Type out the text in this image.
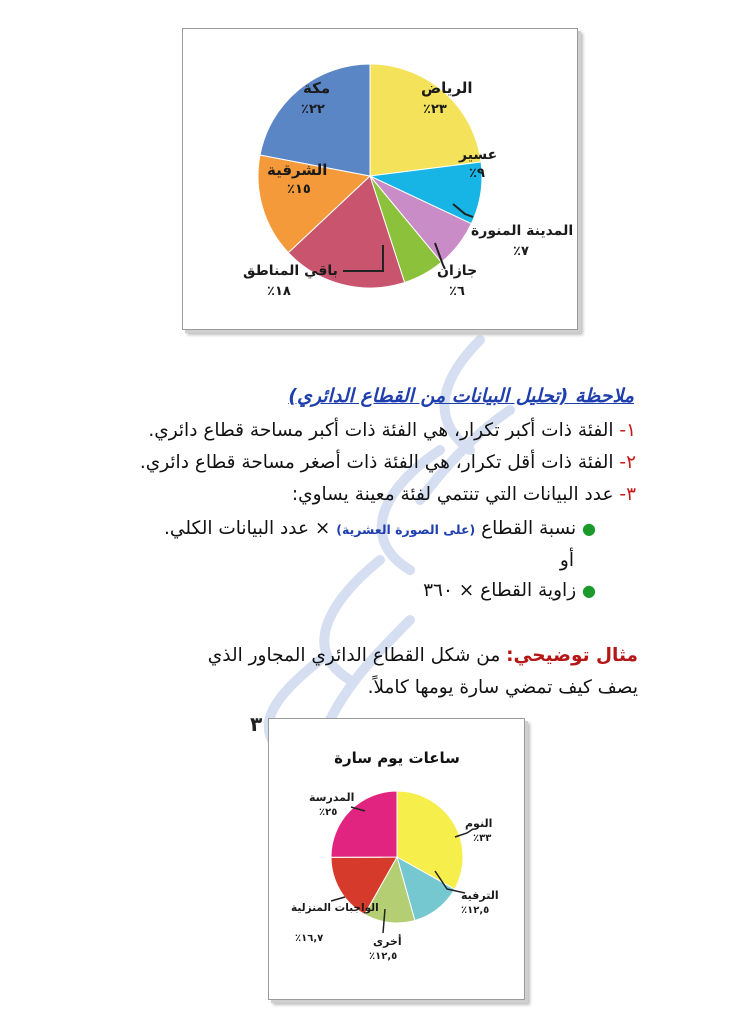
الرياض
٪٢٣
عسير
٪٩
المدينة المنورة
٪٧
جازان
٪٦
باقي المناطق
٪١٨
الشرقية
٪١٥
مكة
٪٢٢
ملاحظة (تحليل البيانات من القطاع الدائري)
١- الفئة ذات أكبر تكرار، هي الفئة ذات أكبر مساحة قطاع دائري.
٢- الفئة ذات أقل تكرار، هي الفئة ذات أصغر مساحة قطاع دائري.
٣- عدد البيانات التي تنتمي لفئة معينة يساوي:
● نسبة القطاع (على الصورة العشرية) × عدد البيانات الكلي.
أو
● زاوية القطاع × ٣٦٠
مثال توضيحي: من شكل القطاع الدائري المجاور الذي
يصف كيف تمضي سارة يومها كاملاً.
٣
ساعات يوم سارة
النوم
٪٣٣
الترفيه
٪١٢,٥
أخرى
٪١٢,٥
الواجبات المنزلية
٪١٦,٧
المدرسة
٪٢٥
